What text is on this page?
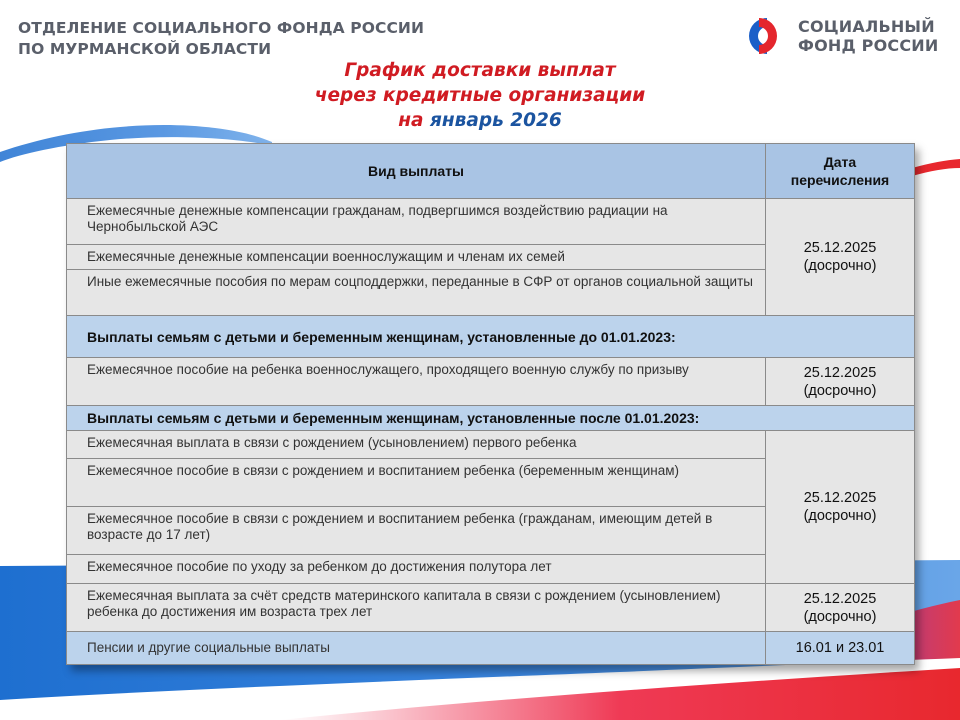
ОТДЕЛЕНИЕ СОЦИАЛЬНОГО ФОНДА РОССИИ
ПО МУРМАНСКОЙ ОБЛАСТИ
СОЦИАЛЬНЫЙ
ФОНД РОССИИ
График доставки выплат
через кредитные организации
на январь 2026
Вид выплаты	Дата
перечисления

Ежемесячные денежные компенсации гражданам, подвергшимся воздействию радиации на Чернобыльской АЭС	25.12.2025
(досрочно)

Ежемесячные денежные компенсации военнослужащим и членам их семей	
Иные ежемесячные пособия по мерам соцподдержки, переданные в СФР от органов социальной защиты	
Выплаты семьям с детьми и беременным женщинам, установленные до 01.01.2023:	
Ежемесячное пособие на ребенка военнослужащего, проходящего военную службу по призыву	25.12.2025
(досрочно)

Выплаты семьям с детьми и беременным женщинам, установленные после 01.01.2023:	
Ежемесячная выплата в связи с рождением (усыновлением) первого ребенка	25.12.2025
(досрочно)

Ежемесячное пособие в связи с рождением и воспитанием ребенка (беременным женщинам)	
Ежемесячное пособие в связи с рождением и воспитанием ребенка (гражданам, имеющим детей в возрасте до 17 лет)	
Ежемесячное пособие по уходу за ребенком до достижения полутора лет	
Ежемесячная выплата за счёт средств материнского капитала в связи с рождением (усыновлением) ребенка до достижения им возраста трех лет	25.12.2025
(досрочно)

Пенсии и другие социальные выплаты	16.01 и 23.01
